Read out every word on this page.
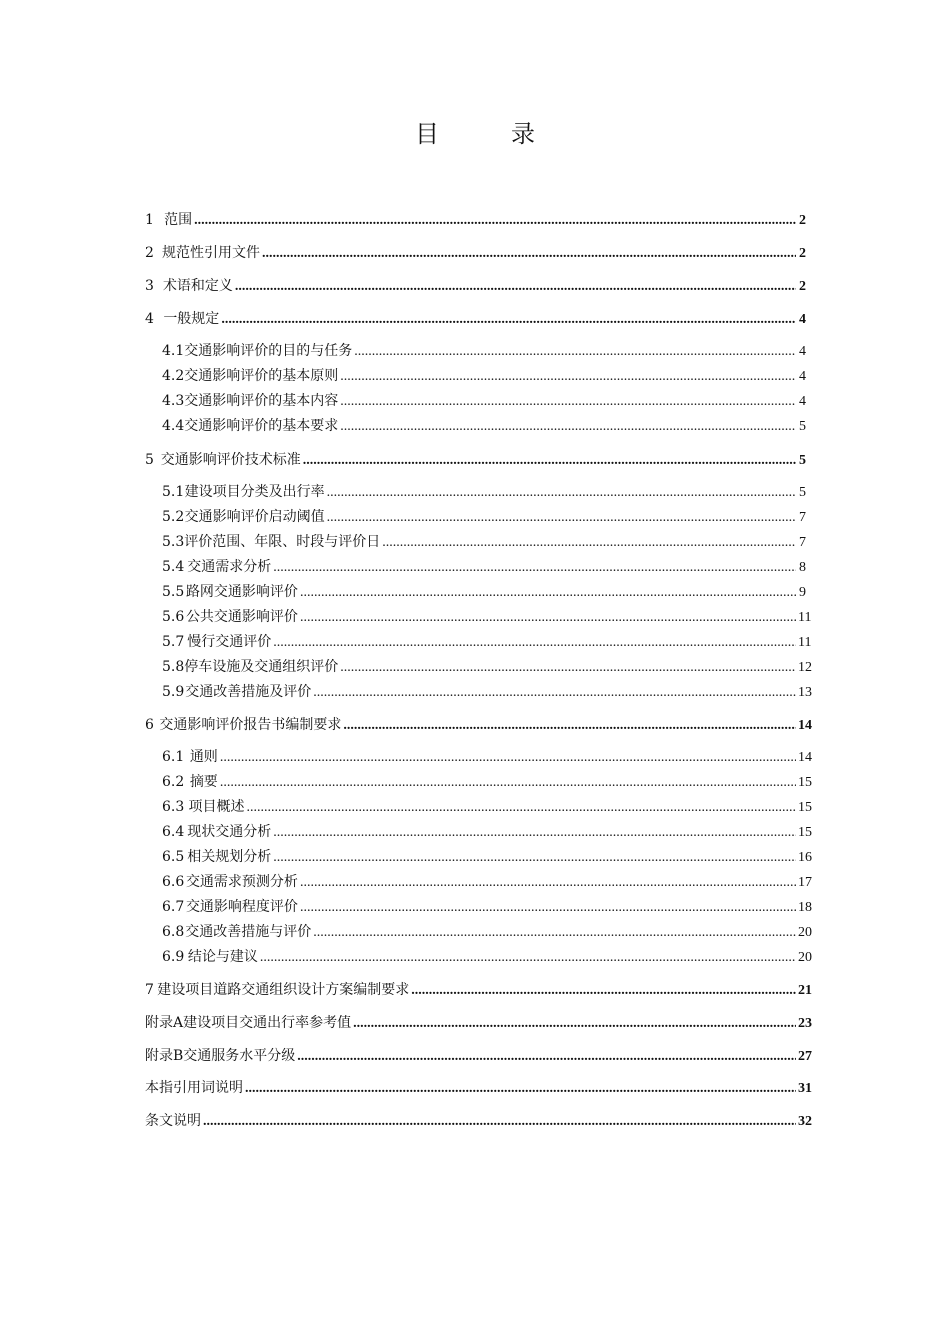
目　录
1 范围 .....	2
2 规范性引用文件 .....	2
3 术语和定义 .....	2
4 一般规定 .....	4
4.1 交通影响评价的目的与任务 .....	4
4.2 交通影响评价的基本原则 .....	4
4.3 交通影响评价的基本内容 .....	4
4.4 交通影响评价的基本要求 .....	5
5 交通影响评价技术标准 .....	5
5.1 建设项目分类及出行率 .....	5
5.2 交通影响评价启动阈值 .....	7
5.3 评价范围、年限、时段与评价日 .....	7
5.4 交通需求分析 .....	8
5.5 路网交通影响评价 .....	9
5.6 公共交通影响评价 .....	11
5.7 慢行交通评价 .....	11
5.8 停车设施及交通组织评价 .....	12
5.9 交通改善措施及评价 .....	13
6 交通影响评价报告书编制要求 .....	14
6.1 通则 .....	14
6.2 摘要 .....	15
6.3 项目概述 .....	15
6.4 现状交通分析 .....	15
6.5 相关规划分析 .....	16
6.6 交通需求预测分析 .....	17
6.7 交通影响程度评价 .....	18
6.8 交通改善措施与评价 .....	20
6.9 结论与建议 .....	20
7 建设项目道路交通组织设计方案编制要求 .....	21
附录A 建设项目交通出行率参考值 .....	23
附录B 交通服务水平分级 .....	27
本指引用词说明 .....	31
条文说明 .....	32
